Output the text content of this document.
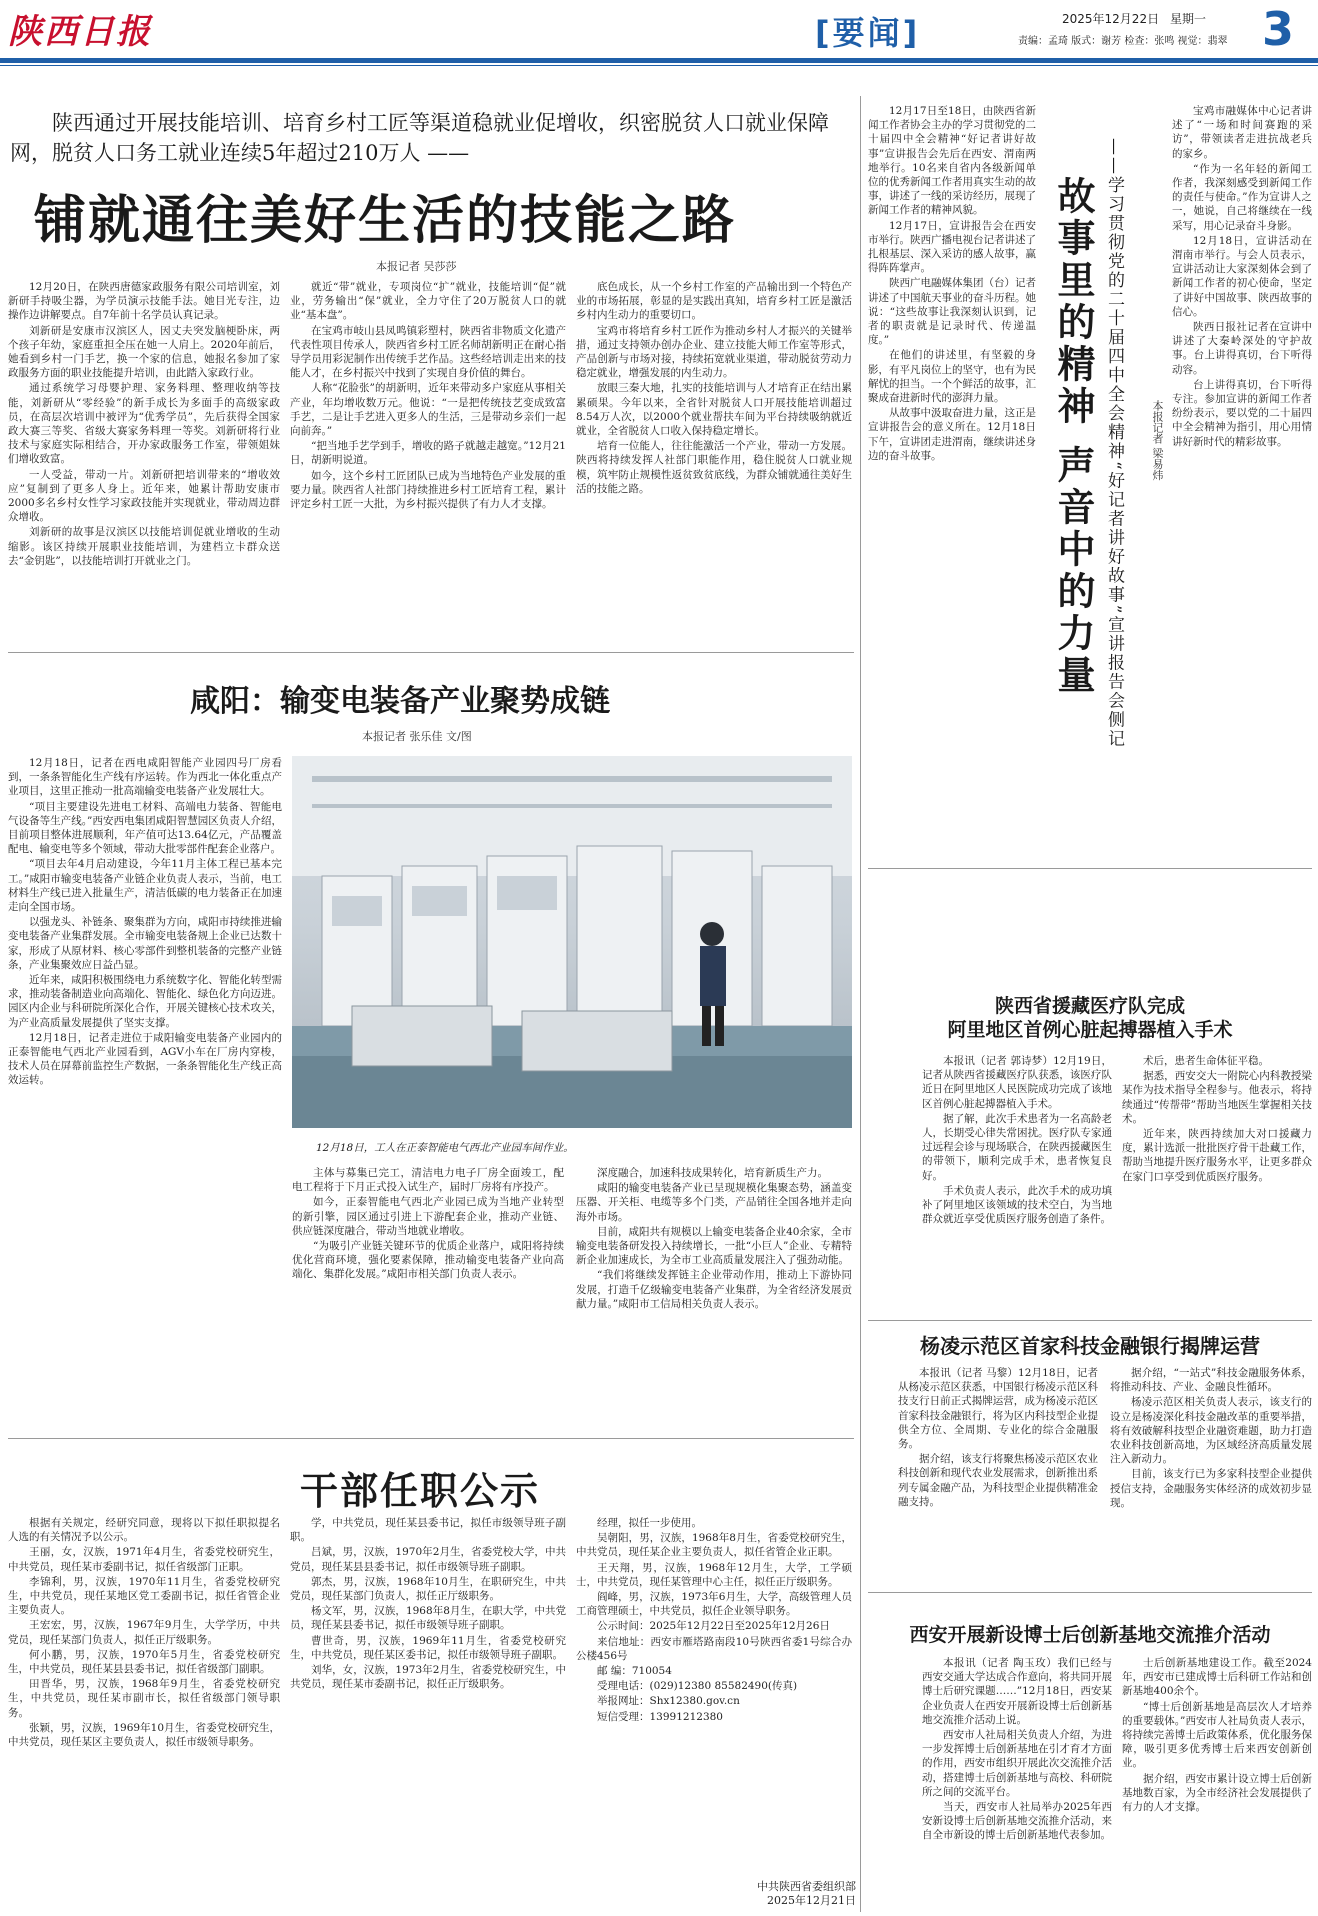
陕西日报	[要闻]	2025年12月22日 星期一
责编：孟琦 版式：谢芳 检查：张鸣 视觉：翡翠 3
陕西通过开展技能培训、培育乡村工匠等渠道稳就业促增收，织密脱贫人口就业保障网，脱贫人口务工就业连续5年超过210万人 ——
铺就通往美好生活的技能之路
本报记者 吴莎莎

12月20日，在陕西唐德家政服务有限公司培训室，刘新研手持吸尘器，为学员演示技能手法。她目光专注，边操作边讲解要点。自7年前十名学员认真记录。

刘新研是安康市汉滨区人，因丈夫突发脑梗卧床，两个孩子年幼，家庭重担全压在她一人肩上。2020年前后，她看到乡村一门手艺，换一个家的信息，她报名参加了家政服务方面的职业技能提升培训，由此踏入家政行业。

通过系统学习母婴护理、家务料理、整理收纳等技能，刘新研从“零经验”的新手成长为多面手的高级家政员，在高层次培训中被评为“优秀学员”，先后获得全国家政大赛三等奖、省级大赛家务料理一等奖。刘新研将行业技术与家庭实际相结合，开办家政服务工作室，带领姐妹们增收致富。

一人受益，带动一片。刘新研把培训带来的“增收效应”复制到了更多人身上。近年来，她累计帮助安康市2000多名乡村女性学习家政技能并实现就业，带动周边群众增收。

刘新研的故事是汉滨区以技能培训促就业增收的生动缩影。该区持续开展职业技能培训，为建档立卡群众送去“金钥匙”，以技能培训打开就业之门。

就近“带”就业，专项岗位“扩”就业，技能培训“促”就业，劳务输出“保”就业，全力守住了20万脱贫人口的就业“基本盘”。

在宝鸡市岐山县凤鸣镇彩塑村，陕西省非物质文化遗产代表性项目传承人，陕西省乡村工匠名师胡新明正在耐心指导学员用彩泥制作出传统手艺作品。这些经培训走出来的技能人才，在乡村振兴中找到了实现自身价值的舞台。

人称“花脸张”的胡新明，近年来带动多户家庭从事相关产业，年均增收数万元。他说：“一是把传统技艺变成致富手艺，二是让手艺进入更多人的生活，三是带动乡亲们一起向前奔。”

“把当地手艺学到手，增收的路子就越走越宽。”12月21日，胡新明说道。

如今，这个乡村工匠团队已成为当地特色产业发展的重要力量。陕西省人社部门持续推进乡村工匠培育工程，累计评定乡村工匠一大批，为乡村振兴提供了有力人才支撑。

底色成长，从一个乡村工作室的产品输出到一个特色产业的市场拓展，彰显的是实践出真知，培育乡村工匠是激活乡村内生动力的重要切口。

宝鸡市将培育乡村工匠作为推动乡村人才振兴的关键举措，通过支持领办创办企业、建立技能大师工作室等形式，产品创新与市场对接，持续拓宽就业渠道，带动脱贫劳动力稳定就业，增强发展的内生动力。

放眼三秦大地，扎实的技能培训与人才培育正在结出累累硕果。今年以来，全省针对脱贫人口开展技能培训超过8.54万人次，以2000个就业帮扶车间为平台持续吸纳就近就业，全省脱贫人口收入保持稳定增长。

培育一位能人，往往能激活一个产业，带动一方发展。陕西将持续发挥人社部门职能作用，稳住脱贫人口就业规模，筑牢防止规模性返贫致贫底线，为群众铺就通往美好生活的技能之路。

咸阳：输变电装备产业聚势成链
本报记者 张乐佳 文/图

12月18日，记者在西电咸阳智能产业园四号厂房看到，一条条智能化生产线有序运转。作为西北一体化重点产业项目，这里正推动一批高端输变电装备产业发展壮大。

“项目主要建设先进电工材料、高端电力装备、智能电气设备等生产线。”西安西电集团咸阳智慧园区负责人介绍，目前项目整体进展顺利，年产值可达13.64亿元，产品覆盖配电、输变电等多个领域，带动大批零部件配套企业落户。

“项目去年4月启动建设，今年11月主体工程已基本完工。”咸阳市输变电装备产业链企业负责人表示，当前，电工材料生产线已进入批量生产，清洁低碳的电力装备正在加速走向全国市场。

以强龙头、补链条、聚集群为方向，咸阳市持续推进输变电装备产业集群发展。全市输变电装备规上企业已达数十家，形成了从原材料、核心零部件到整机装备的完整产业链条，产业集聚效应日益凸显。

近年来，咸阳积极围绕电力系统数字化、智能化转型需求，推动装备制造业向高端化、智能化、绿色化方向迈进。园区内企业与科研院所深化合作，开展关键核心技术攻关，为产业高质量发展提供了坚实支撑。

12月18日，记者走进位于咸阳输变电装备产业园内的正泰智能电气西北产业园看到，AGV小车在厂房内穿梭，技术人员在屏幕前监控生产数据，一条条智能化生产线正高效运转。

12月18日，工人在正泰智能电气西北产业园车间作业。

主体与募集已完工，清洁电力电子厂房全面竣工，配电工程将于下月正式投入试生产，届时厂房将有序投产。

如今，正泰智能电气西北产业园已成为当地产业转型的新引擎，园区通过引进上下游配套企业，推动产业链、供应链深度融合，带动当地就业增收。

“为吸引产业链关键环节的优质企业落户，咸阳将持续优化营商环境，强化要素保障，推动输变电装备产业向高端化、集群化发展。”咸阳市相关部门负责人表示。

深度融合，加速科技成果转化，培育新质生产力。

咸阳的输变电装备产业已呈现规模化集聚态势，涵盖变压器、开关柜、电缆等多个门类，产品销往全国各地并走向海外市场。

目前，咸阳共有规模以上输变电装备企业40余家，全市输变电装备研发投入持续增长，一批“小巨人”企业、专精特新企业加速成长，为全市工业高质量发展注入了强劲动能。

“我们将继续发挥链主企业带动作用，推动上下游协同发展，打造千亿级输变电装备产业集群，为全省经济发展贡献力量。”咸阳市工信局相关负责人表示。

干部任职公示

根据有关规定，经研究同意，现将以下拟任职拟提名人选的有关情况予以公示。

王丽，女，汉族，1971年4月生，省委党校研究生，中共党员，现任某市委副书记，拟任省级部门正职。

李锦利，男，汉族，1970年11月生，省委党校研究生，中共党员，现任某地区党工委副书记，拟任省管企业主要负责人。

王宏宏，男，汉族，1967年9月生，大学学历，中共党员，现任某部门负责人，拟任正厅级职务。

何小鹏，男，汉族，1970年5月生，省委党校研究生，中共党员，现任某县县委书记，拟任省级部门副职。

田晋华，男，汉族，1968年9月生，省委党校研究生，中共党员，现任某市副市长，拟任省级部门领导职务。

张颖，男，汉族，1969年10月生，省委党校研究生，中共党员，现任某区主要负责人，拟任市级领导职务。

学，中共党员，现任某县委书记，拟任市级领导班子副职。

吕斌，男，汉族，1970年2月生，省委党校大学，中共党员，现任某县县委书记，拟任市级领导班子副职。

郭杰，男，汉族，1968年10月生，在职研究生，中共党员，现任某部门负责人，拟任正厅级职务。

杨文军，男，汉族，1968年8月生，在职大学，中共党员，现任某县委书记，拟任市级领导班子副职。

曹世奇，男，汉族，1969年11月生，省委党校研究生，中共党员，现任某区委书记，拟任市级领导班子副职。

刘华，女，汉族，1973年2月生，省委党校研究生，中共党员，现任某市委副书记，拟任正厅级职务。

经理，拟任一步使用。

吴朝阳，男，汉族，1968年8月生，省委党校研究生，中共党员，现任某企业主要负责人，拟任省管企业正职。

王天翔，男，汉族，1968年12月生，大学，工学硕士，中共党员，现任某管理中心主任，拟任正厅级职务。

阎峰，男，汉族，1973年6月生，大学，高级管理人员工商管理硕士，中共党员，拟任企业领导职务。

公示时间：2025年12月22日至2025年12月26日

来信地址：西安市雁塔路南段10号陕西省委1号综合办公楼456号

邮 编：710054

受理电话：(029)12380 85582490(传真)

举报网址：Shx12380.gov.cn

短信受理：13991212380

中共陕西省委组织部
2025年12月21日

12月17日至18日，由陕西省新闻工作者协会主办的学习贯彻党的二十届四中全会精神“好记者讲好故事”宣讲报告会先后在西安、渭南两地举行。10名来自省内各级新闻单位的优秀新闻工作者用真实生动的故事，讲述了一线的采访经历，展现了新闻工作者的精神风貌。

12月17日，宣讲报告会在西安市举行。陕西广播电视台记者讲述了扎根基层、深入采访的感人故事，赢得阵阵掌声。

陕西广电融媒体集团（台）记者讲述了中国航天事业的奋斗历程。她说：“这些故事让我深刻认识到，记者的职责就是记录时代、传递温度。”

在他们的讲述里，有坚毅的身影，有平凡岗位上的坚守，也有为民解忧的担当。一个个鲜活的故事，汇聚成奋进新时代的澎湃力量。

从故事中汲取奋进力量，这正是宣讲报告会的意义所在。12月18日下午，宣讲团走进渭南，继续讲述身边的奋斗故事。	故事里的精神 声音中的力量 ——学习贯彻党的二十届四中全会精神“好记者讲好故事”宣讲报告会侧记	本报记者 梁易炜

宝鸡市融媒体中心记者讲述了“一场和时间赛跑的采访”，带领读者走进抗战老兵的家乡。

“作为一名年轻的新闻工作者，我深刻感受到新闻工作的责任与使命。”作为宣讲人之一，她说，自己将继续在一线采写，用心记录奋斗身影。

12月18日，宣讲活动在渭南市举行。与会人员表示，宣讲活动让大家深刻体会到了新闻工作者的初心使命，坚定了讲好中国故事、陕西故事的信心。

陕西日报社记者在宣讲中讲述了大秦岭深处的守护故事。台上讲得真切，台下听得动容。

台上讲得真切，台下听得专注。参加宣讲的新闻工作者纷纷表示，要以党的二十届四中全会精神为指引，用心用情讲好新时代的精彩故事。

陕西省援藏医疗队完成
阿里地区首例心脏起搏器植入手术

本报讯（记者 郭诗梦）12月19日，记者从陕西省援藏医疗队获悉，该医疗队近日在阿里地区人民医院成功完成了该地区首例心脏起搏器植入手术。

据了解，此次手术患者为一名高龄老人，长期受心律失常困扰。医疗队专家通过远程会诊与现场联合，在陕西援藏医生的带领下，顺利完成手术，患者恢复良好。

手术负责人表示，此次手术的成功填补了阿里地区该领域的技术空白，为当地群众就近享受优质医疗服务创造了条件。

术后，患者生命体征平稳。

据悉，西安交大一附院心内科教授梁某作为技术指导全程参与。他表示，将持续通过“传帮带”帮助当地医生掌握相关技术。

近年来，陕西持续加大对口援藏力度，累计选派一批批医疗骨干赴藏工作，帮助当地提升医疗服务水平，让更多群众在家门口享受到优质医疗服务。

杨凌示范区首家科技金融银行揭牌运营

本报讯（记者 马黎）12月18日，记者从杨凌示范区获悉，中国银行杨凌示范区科技支行日前正式揭牌运营，成为杨凌示范区首家科技金融银行，将为区内科技型企业提供全方位、全周期、专业化的综合金融服务。

据介绍，该支行将聚焦杨凌示范区农业科技创新和现代农业发展需求，创新推出系列专属金融产品，为科技型企业提供精准金融支持。

据介绍，“一站式”科技金融服务体系，将推动科技、产业、金融良性循环。

杨凌示范区相关负责人表示，该支行的设立是杨凌深化科技金融改革的重要举措，将有效破解科技型企业融资难题，助力打造农业科技创新高地，为区域经济高质量发展注入新动力。

目前，该支行已为多家科技型企业提供授信支持，金融服务实体经济的成效初步显现。

西安开展新设博士后创新基地交流推介活动

本报讯（记者 陶玉玫）我们已经与西安交通大学达成合作意向，将共同开展博士后研究课题……”12月18日，西安某企业负责人在西安开展新设博士后创新基地交流推介活动上说。

西安市人社局相关负责人介绍，为进一步发挥博士后创新基地在引才育才方面的作用，西安市组织开展此次交流推介活动，搭建博士后创新基地与高校、科研院所之间的交流平台。

当天，西安市人社局举办2025年西安新设博士后创新基地交流推介活动，来自全市新设的博士后创新基地代表参加。

士后创新基地建设工作。截至2024年，西安市已建成博士后科研工作站和创新基地400余个。

“博士后创新基地是高层次人才培养的重要载体。”西安市人社局负责人表示，将持续完善博士后政策体系，优化服务保障，吸引更多优秀博士后来西安创新创业。

据介绍，西安市累计设立博士后创新基地数百家，为全市经济社会发展提供了有力的人才支撑。
